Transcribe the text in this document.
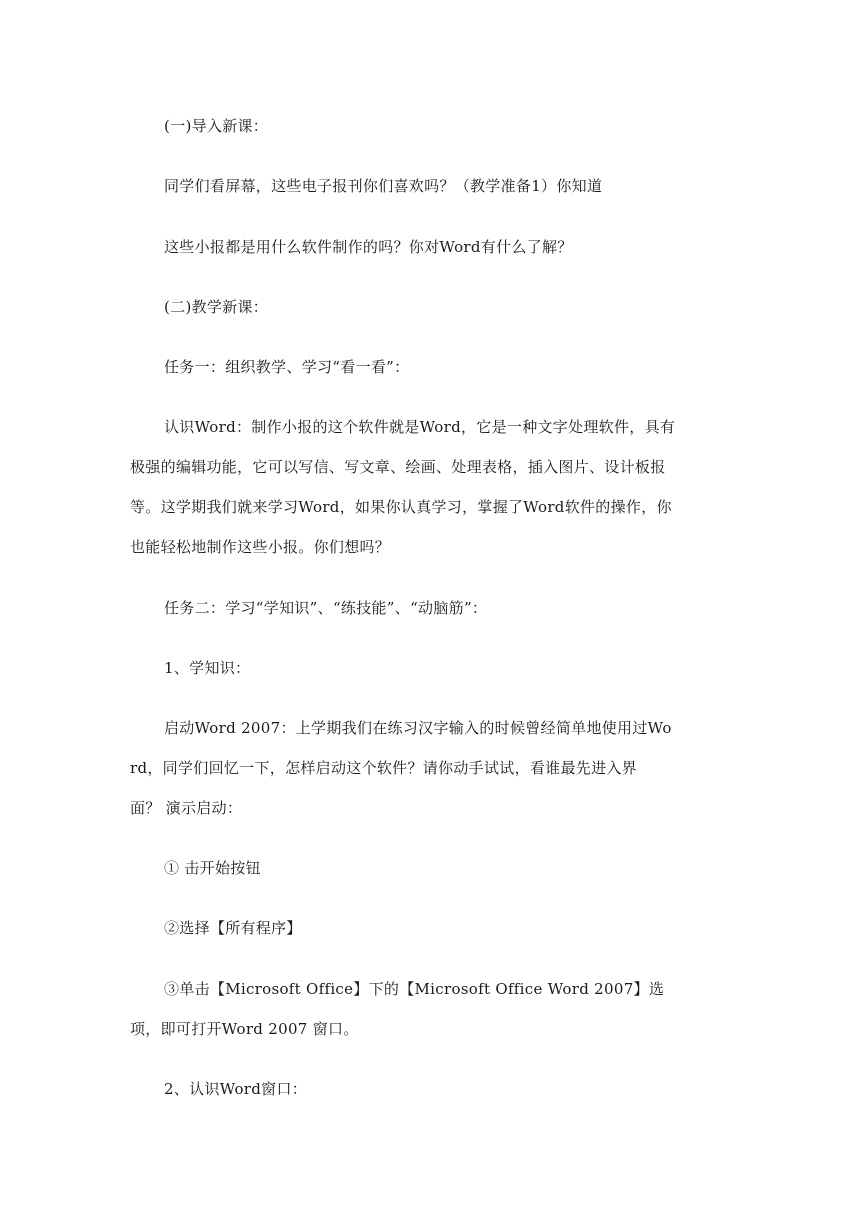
(一)导入新课：
同学们看屏幕，这些电子报刊你们喜欢吗？（教学准备1）你知道
这些小报都是用什么软件制作的吗？你对Word有什么了解？
(二)教学新课：
任务一：组织教学、学习“看一看”：
认识Word：制作小报的这个软件就是Word，它是一种文字处理软件，具有
极强的编辑功能，它可以写信、写文章、绘画、处理表格，插入图片、设计板报
等。这学期我们就来学习Word，如果你认真学习，掌握了Word软件的操作，你
也能轻松地制作这些小报。你们想吗？
任务二：学习“学知识”、“练技能”、“动脑筋”：
1、学知识：
启动Word 2007：上学期我们在练习汉字输入的时候曾经简单地使用过Wo
rd，同学们回忆一下，怎样启动这个软件？请你动手试试，看谁最先进入界
面？ 演示启动：
① 击开始按钮
②选择【所有程序】
③单击【Microsoft Office】下的【Microsoft Office Word 2007】选
项，即可打开Word 2007 窗口。
2、认识Word窗口：
